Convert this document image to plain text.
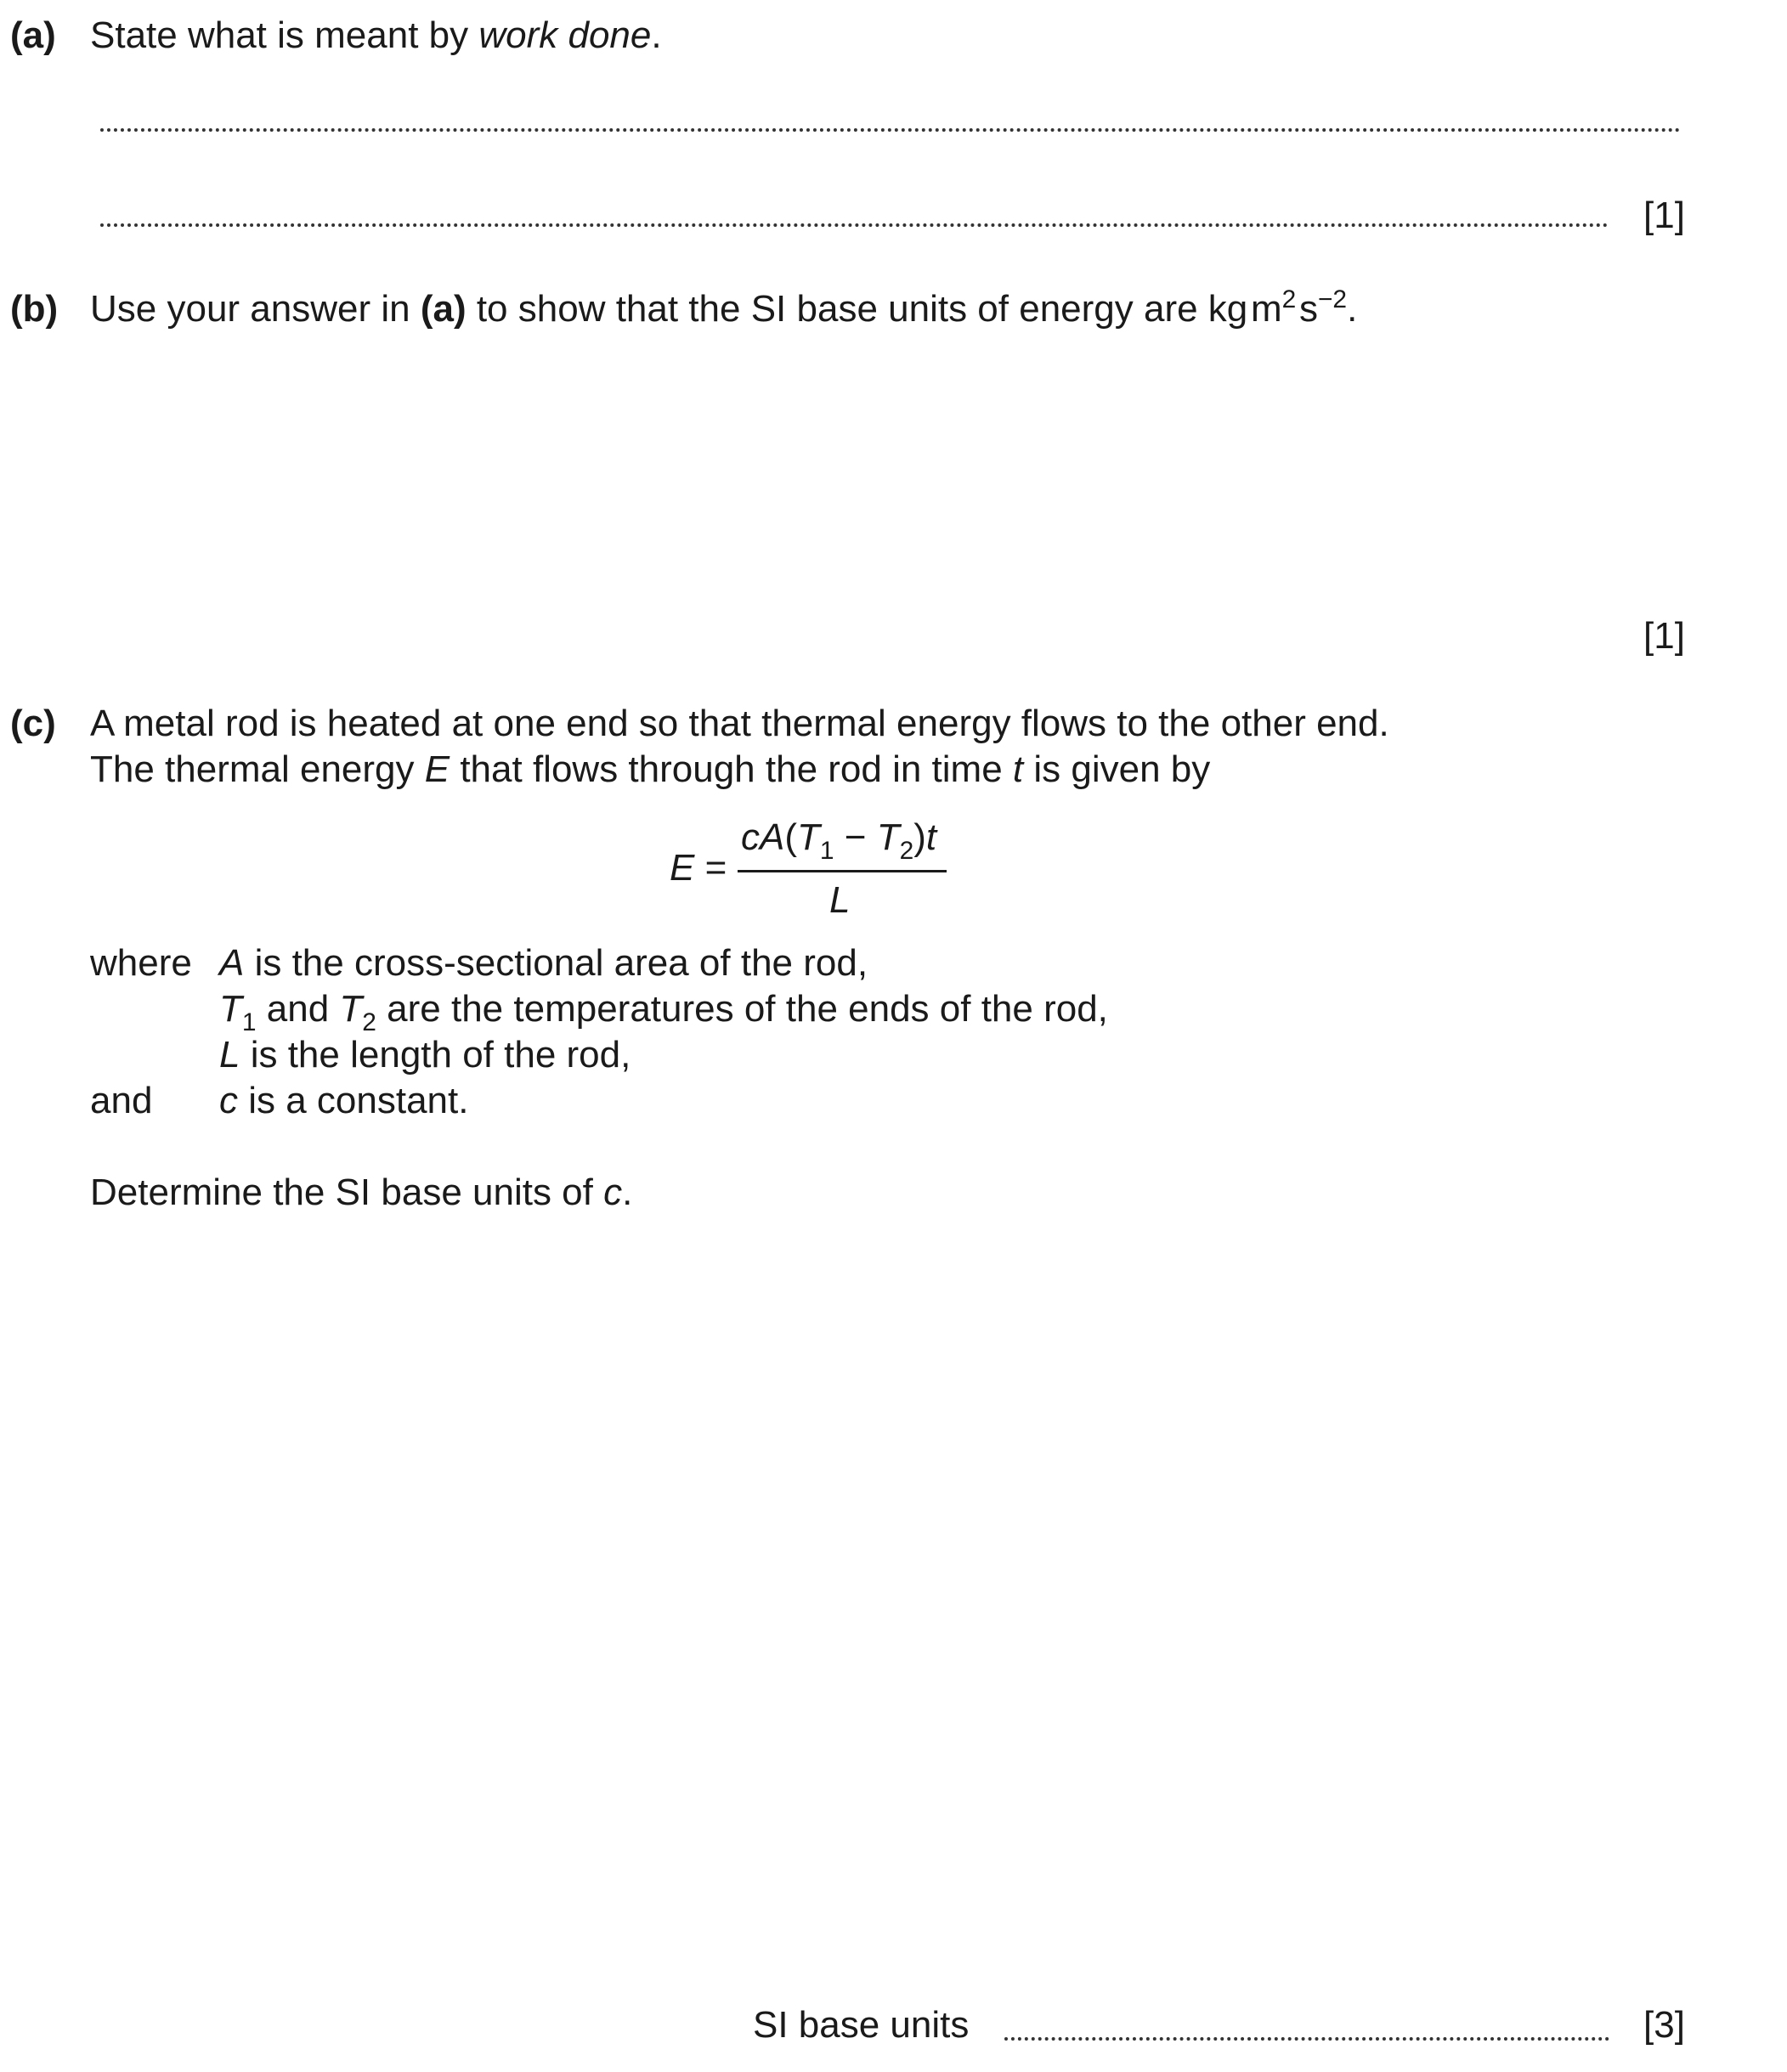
(a) State what is meant by work done.
[1]
(b) Use your answer in (a) to show that the SI base units of energy are kg $m^2$ $s^{-2}$.
[1]
(c) A metal rod is heated at one end so that thermal energy flows to the other end.
The thermal energy E that flows through the rod in time t is given by
E =
$cA(T_1 - T_2)t$
L
where A is the cross-sectional area of the rod,
$T_1$ and $T_2$ are the temperatures of the ends of the rod,
L is the length of the rod,
and c is a constant.
Determine the SI base units of c.
SI base units	[3]
